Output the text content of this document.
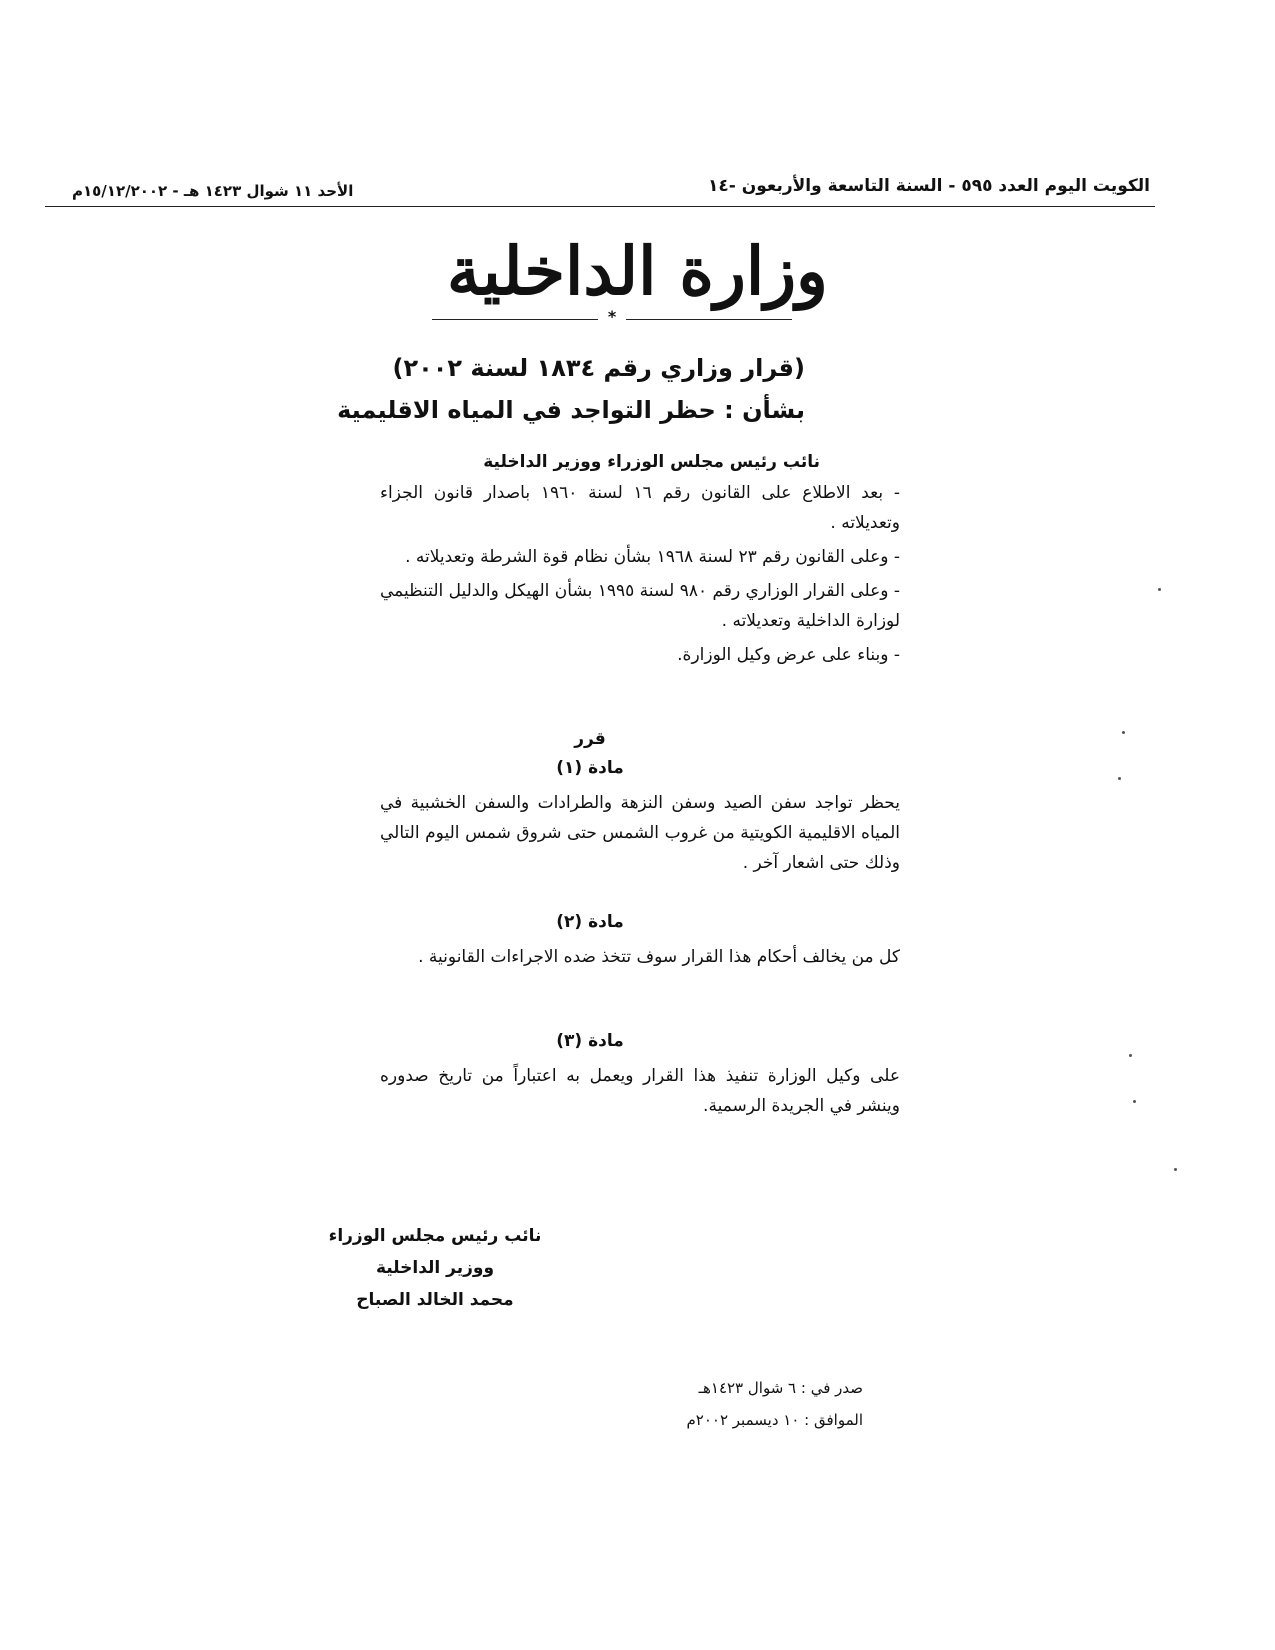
الكويت اليوم العدد ٥٩٥ - السنة التاسعة والأربعون -١٤
الأحد ١١ شوال ١٤٢٣ هـ - ١٥/١٢/٢٠٠٢م
وزارة الداخلية
*
(قرار وزاري رقم ١٨٣٤ لسنة ٢٠٠٢)
بشأن : حظر التواجد في المياه الاقليمية
نائب رئيس مجلس الوزراء ووزير الداخلية

- بعد الاطلاع على القانون رقم ١٦ لسنة ١٩٦٠ باصدار قانون الجزاء وتعديلاته .

- وعلى القانون رقم ٢٣ لسنة ١٩٦٨ بشأن نظام قوة الشرطة وتعديلاته .

- وعلى القرار الوزاري رقم ٩٨٠ لسنة ١٩٩٥ بشأن الهيكل والدليل التنظيمي لوزارة الداخلية وتعديلاته .

- وبناء على عرض وكيل الوزارة.

قرر
مادة (١)

يحظر تواجد سفن الصيد وسفن النزهة والطرادات والسفن الخشبية في المياه الاقليمية الكويتية من غروب الشمس حتى شروق شمس اليوم التالي وذلك حتى اشعار آخر .

مادة (٢)

كل من يخالف أحكام هذا القرار سوف تتخذ ضده الاجراءات القانونية .

مادة (٣)

على وكيل الوزارة تنفيذ هذا القرار ويعمل به اعتباراً من تاريخ صدوره وينشر في الجريدة الرسمية.

نائب رئيس مجلس الوزراء
ووزير الداخلية
محمد الخالد الصباح
صدر في : ٦ شوال ١٤٢٣هـ
الموافق : ١٠ ديسمبر ٢٠٠٢م
